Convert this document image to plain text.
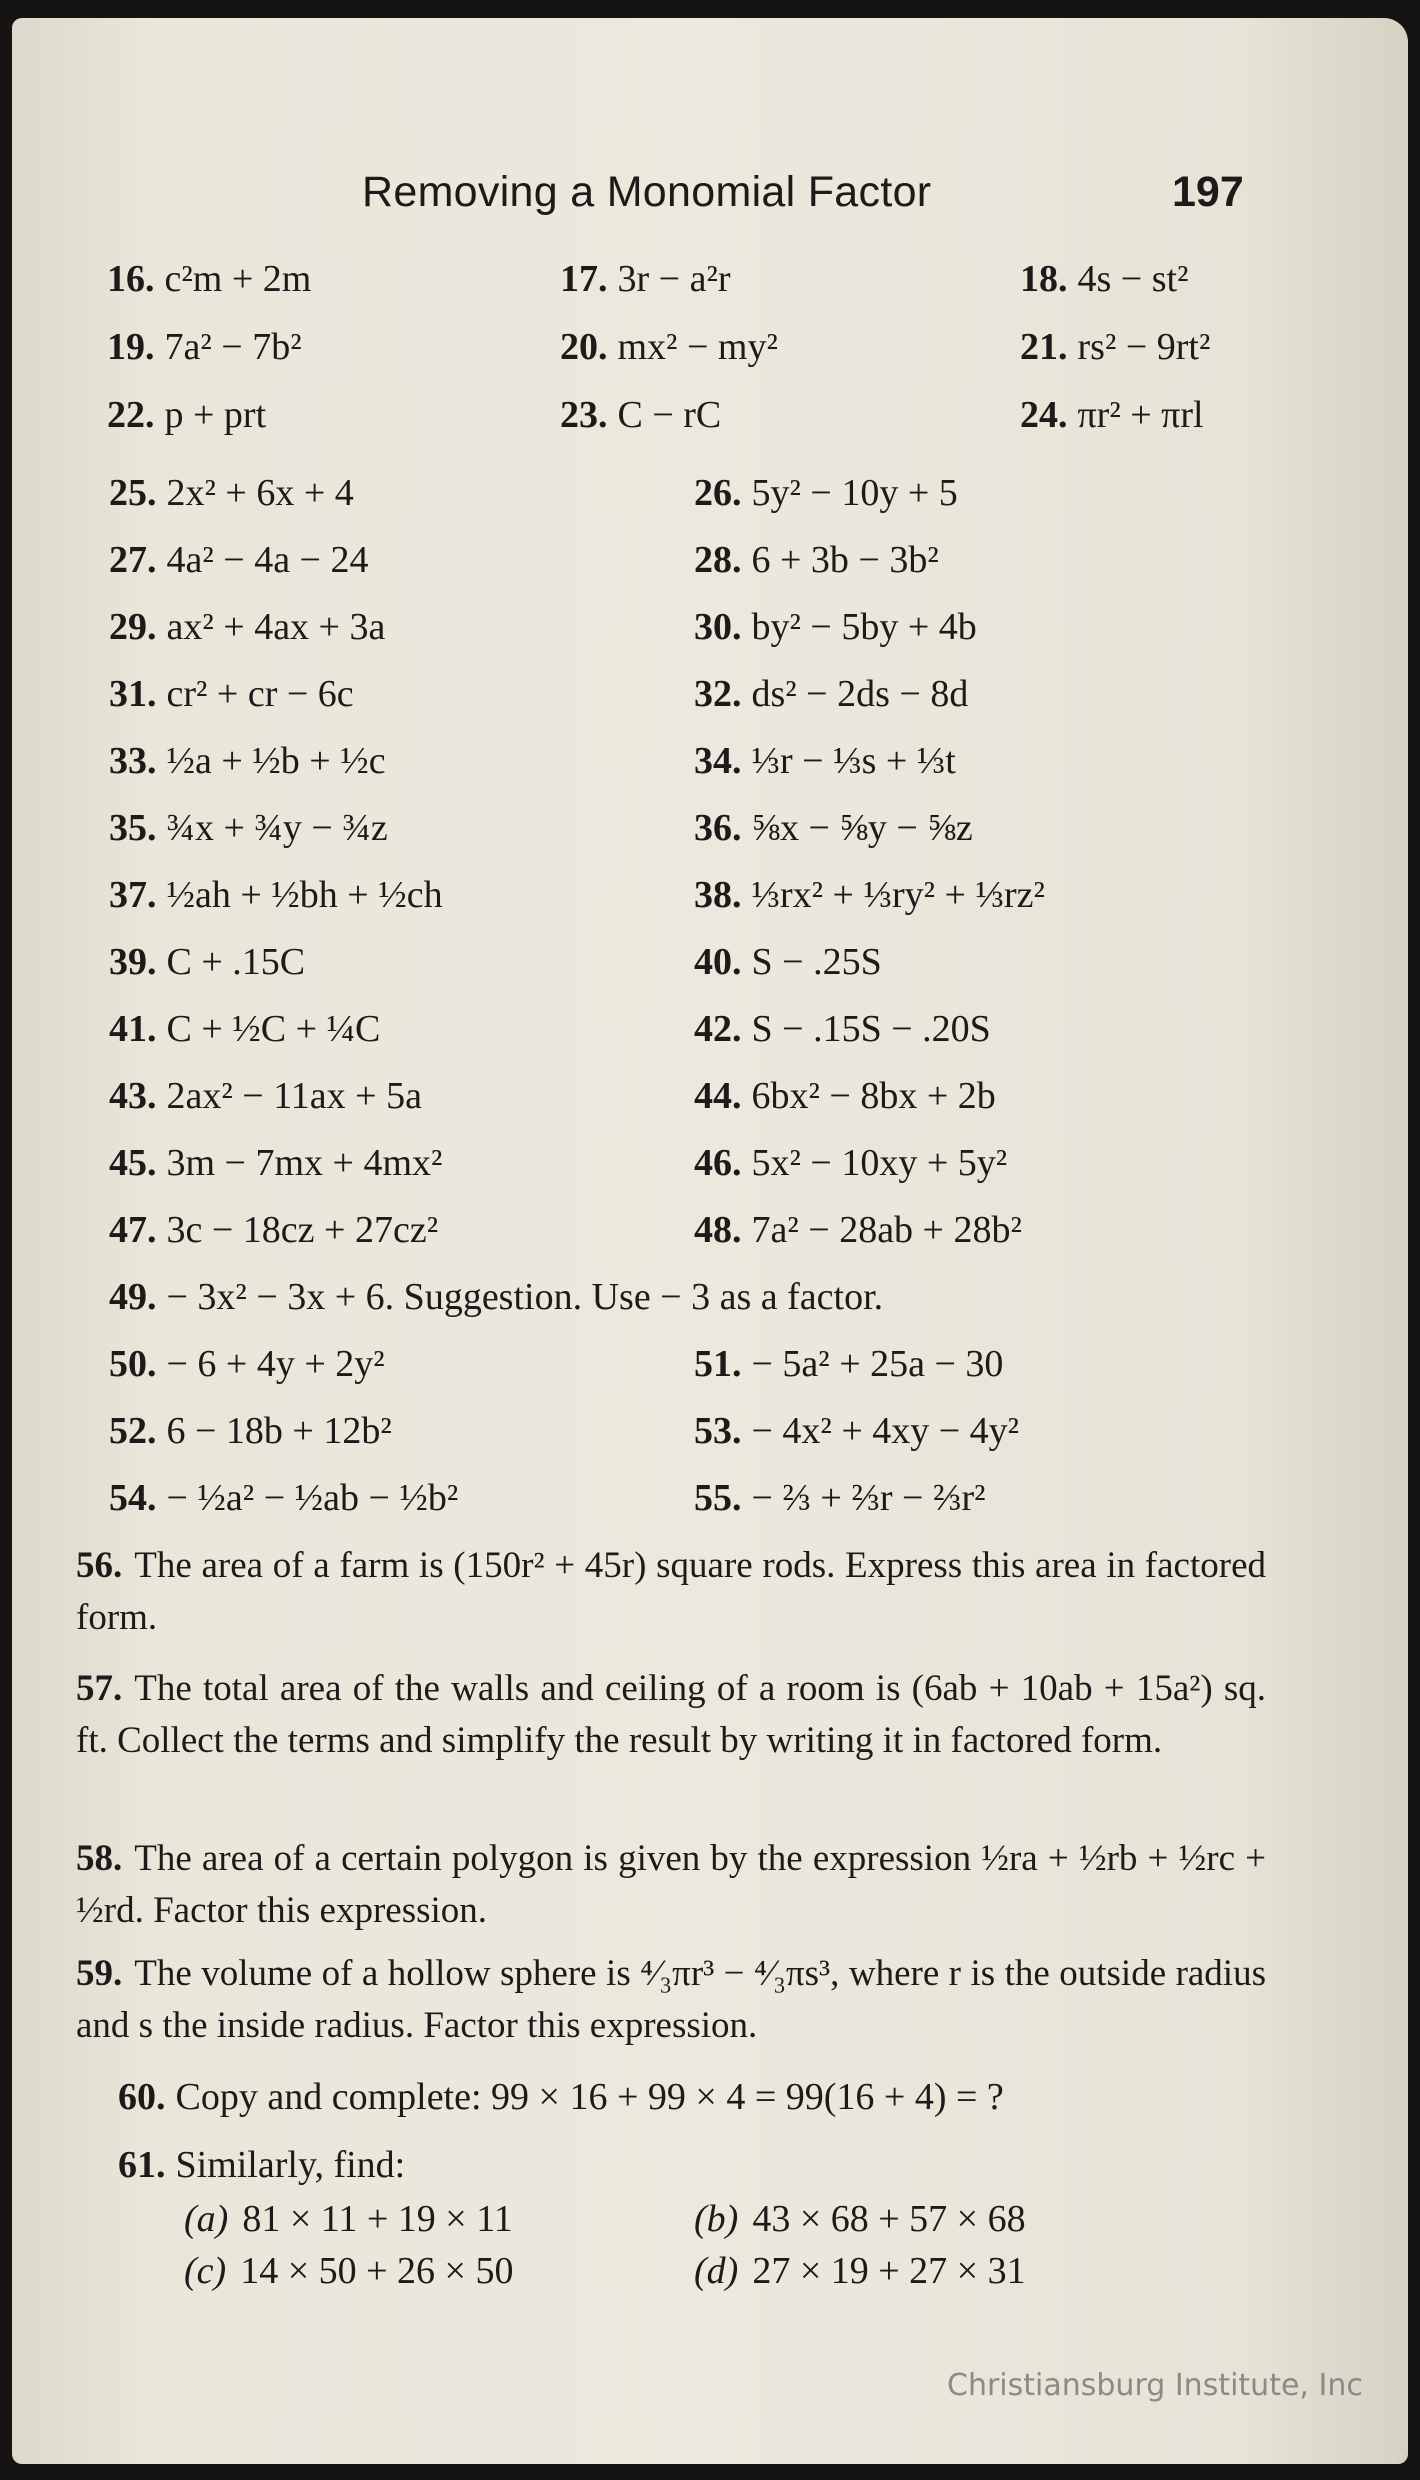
Removing a Monomial Factor	197
16. c²m + 2m	17. 3r − a²r	18. 4s − st²
19. 7a² − 7b²	20. mx² − my²	21. rs² − 9rt²
22. p + prt	23. C − rC	24. πr² + πrl
25. 2x² + 6x + 4	26. 5y² − 10y + 5
27. 4a² − 4a − 24	28. 6 + 3b − 3b²
29. ax² + 4ax + 3a	30. by² − 5by + 4b
31. cr² + cr − 6c	32. ds² − 2ds − 8d
33. ½a + ½b + ½c	34. ⅓r − ⅓s + ⅓t
35. ¾x + ¾y − ¾z	36. ⅝x − ⅝y − ⅝z
37. ½ah + ½bh + ½ch	38. ⅓rx² + ⅓ry² + ⅓rz²
39. C + .15C	40. S − .25S
41. C + ½C + ¼C	42. S − .15S − .20S
43. 2ax² − 11ax + 5a	44. 6bx² − 8bx + 2b
45. 3m − 7mx + 4mx²	46. 5x² − 10xy + 5y²
47. 3c − 18cz + 27cz²	48. 7a² − 28ab + 28b²
49. − 3x² − 3x + 6. Suggestion. Use − 3 as a factor.
50. − 6 + 4y + 2y²	51. − 5a² + 25a − 30
52. 6 − 18b + 12b²	53. − 4x² + 4xy − 4y²
54. − ½a² − ½ab − ½b²	55. − ⅔ + ⅔r − ⅔r²
56. The area of a farm is (150r² + 45r) square rods. Express this area in factored form.
57. The total area of the walls and ceiling of a room is (6ab + 10ab + 15a²) sq. ft. Collect the terms and simplify the result by writing it in factored form.
58. The area of a certain polygon is given by the expression ½ra + ½rb + ½rc + ½rd. Factor this expression.
59. The volume of a hollow sphere is ⁴⁄₃πr³ − ⁴⁄₃πs³, where r is the outside radius and s the inside radius. Factor this expression.
60. Copy and complete: 99 × 16 + 99 × 4 = 99(16 + 4) = ?
61. Similarly, find:
(a) 81 × 11 + 19 × 11	(b) 43 × 68 + 57 × 68
(c) 14 × 50 + 26 × 50	(d) 27 × 19 + 27 × 31
Christiansburg Institute, Inc
